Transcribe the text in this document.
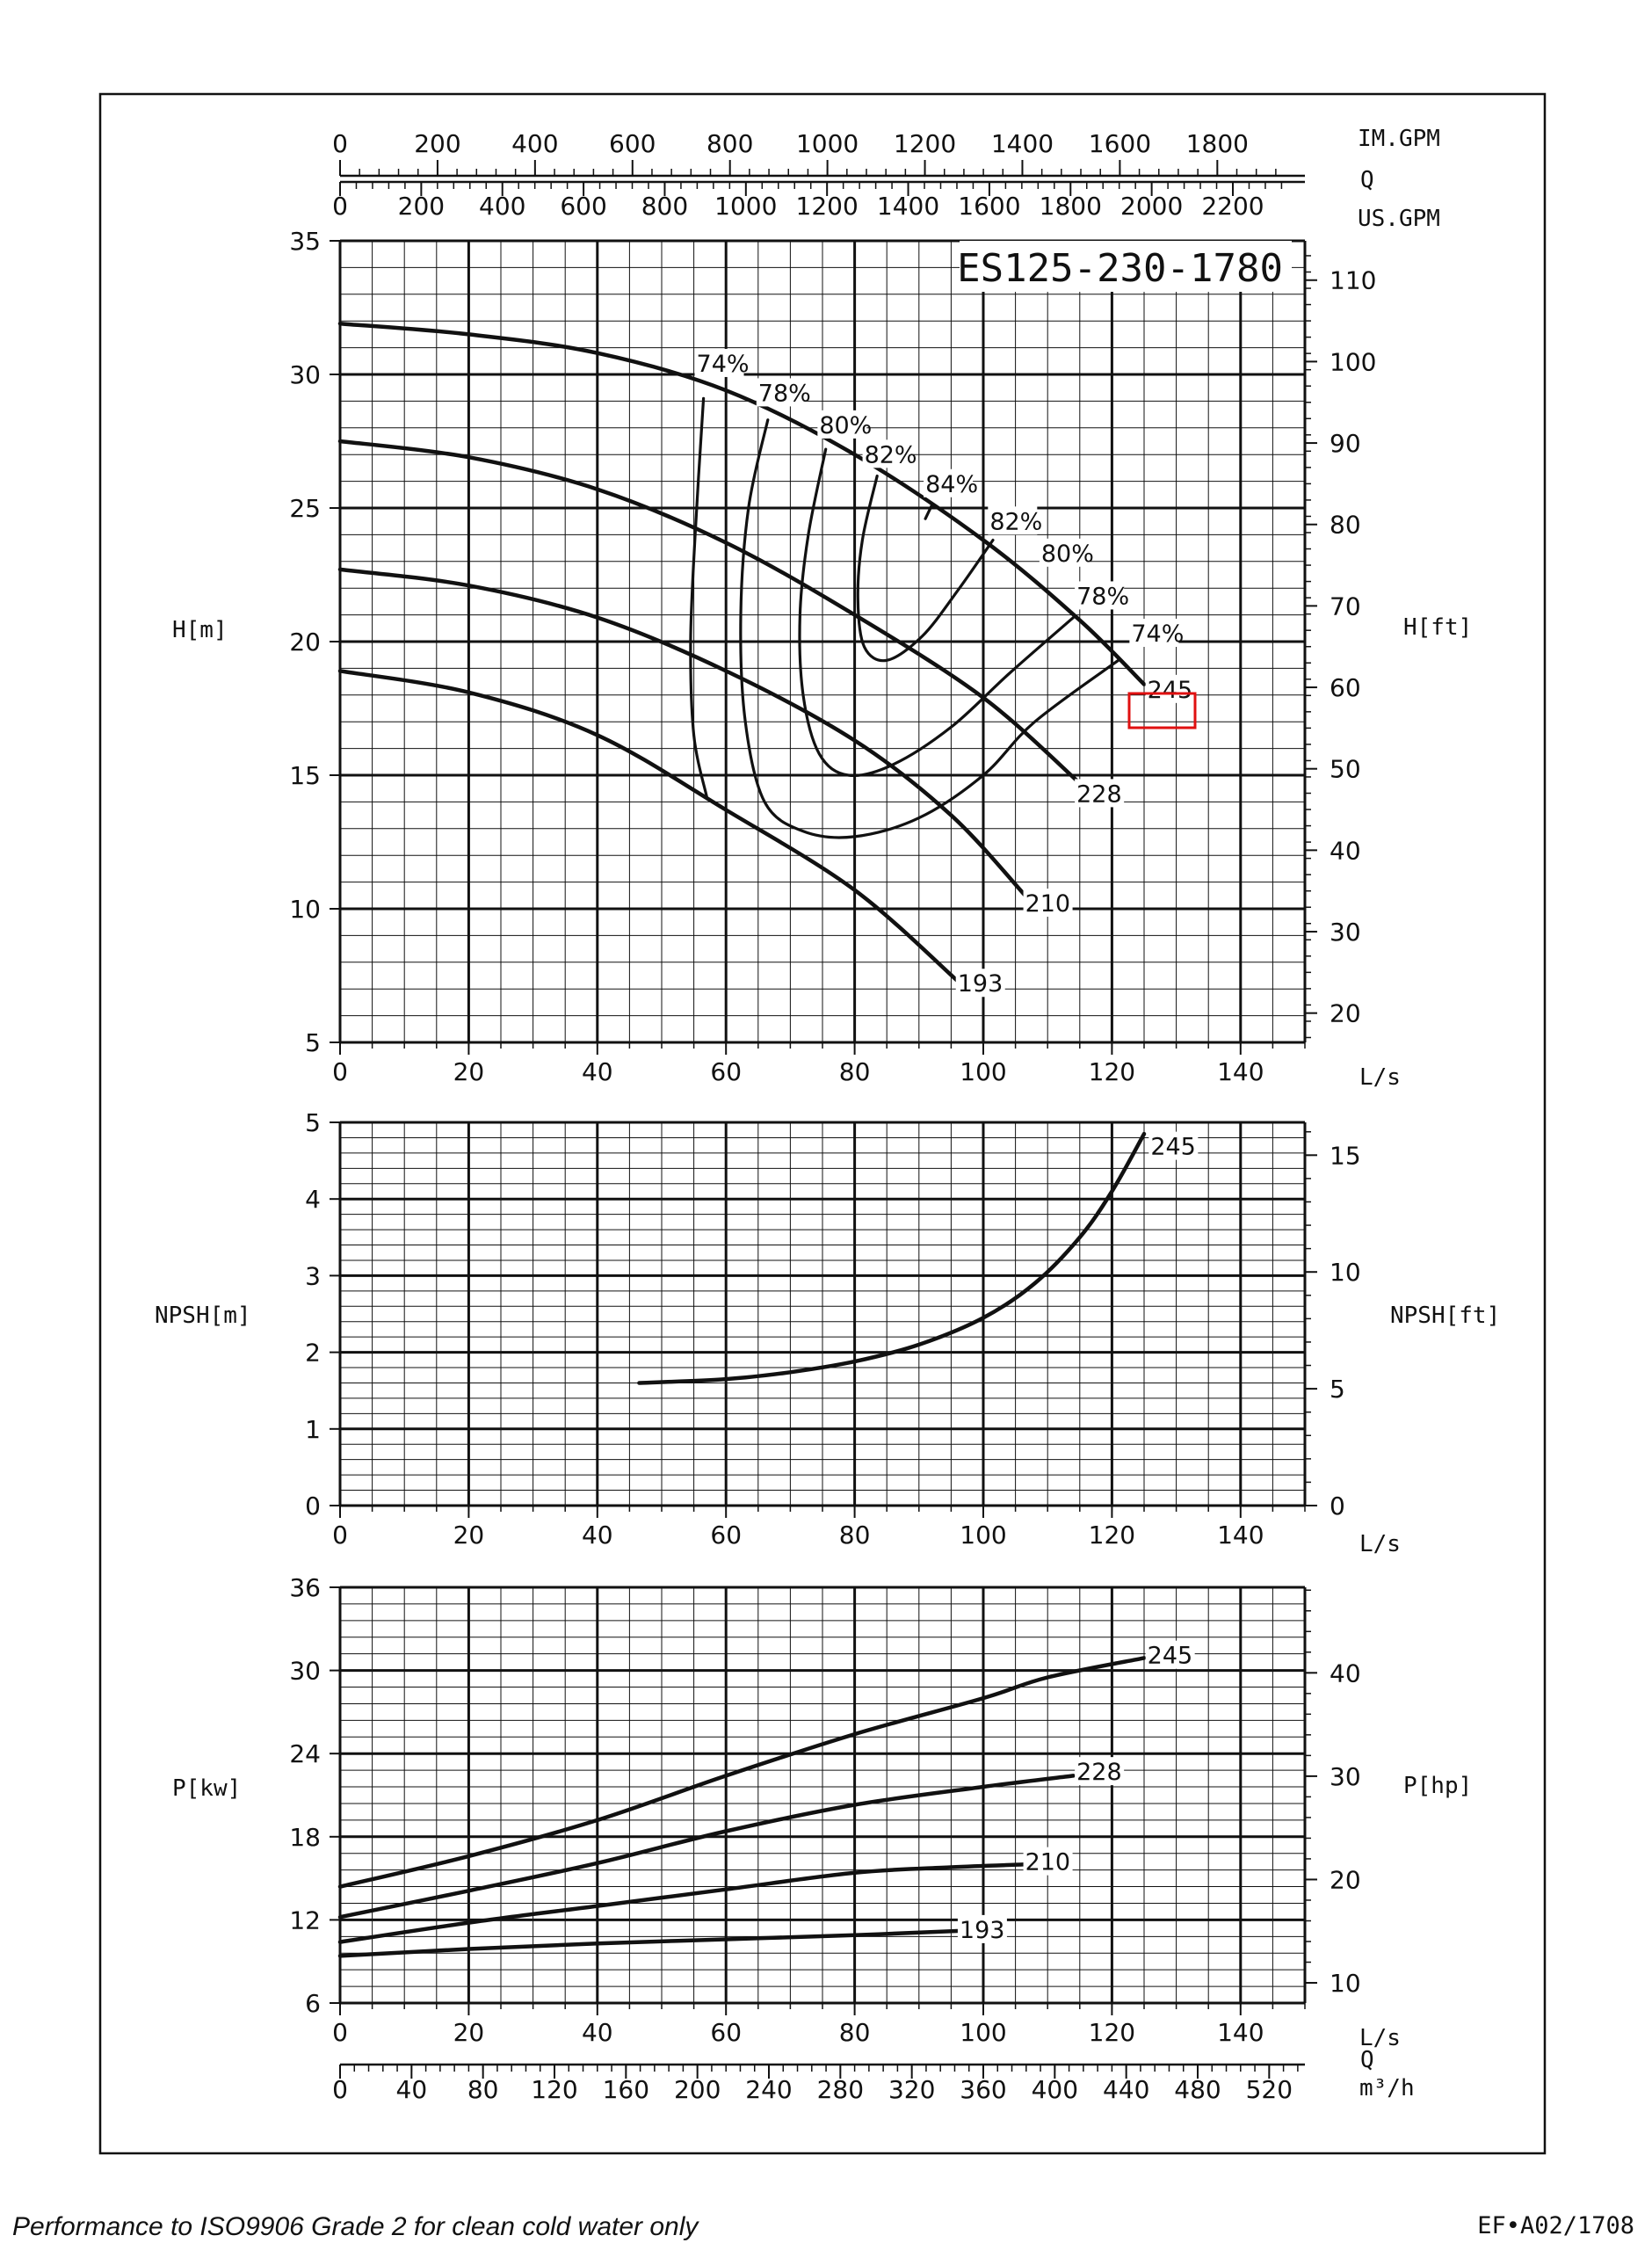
5
10
15
20
25
30
35
20
30
40
50
60
70
80
90
100
110
0	20	40	60	80	100	120	140
0	200 400 600 800 1000 1200 1400 1600 1800
0 200 400 600 800 1000 1200 1400 1600 1800 2000 2200
0
1
2
3
4
5
0
5
10
15
0	20	40	60	80	100	120	140
6
12
18
24
30
36
10
20
30
40
0	20	40	60	80	100	120	140
0 40 80 120 160 200 240 280 320 360 400 440 480 520
74%
78%
80%
82%
84%
82%
80%
78%
74%
245
228
210
193
245
245
228
210
193
ES125-230-1780
IM.GPM
Q
US.GPM
H[m]	H[ft]
NPSH[m]	NPSH[ft]
P[kw]	P[hp]
L/s
L/s
L/s
Q
m³/h
Performance to ISO9906 Grade 2 for clean cold water only	EF•A02/1708
